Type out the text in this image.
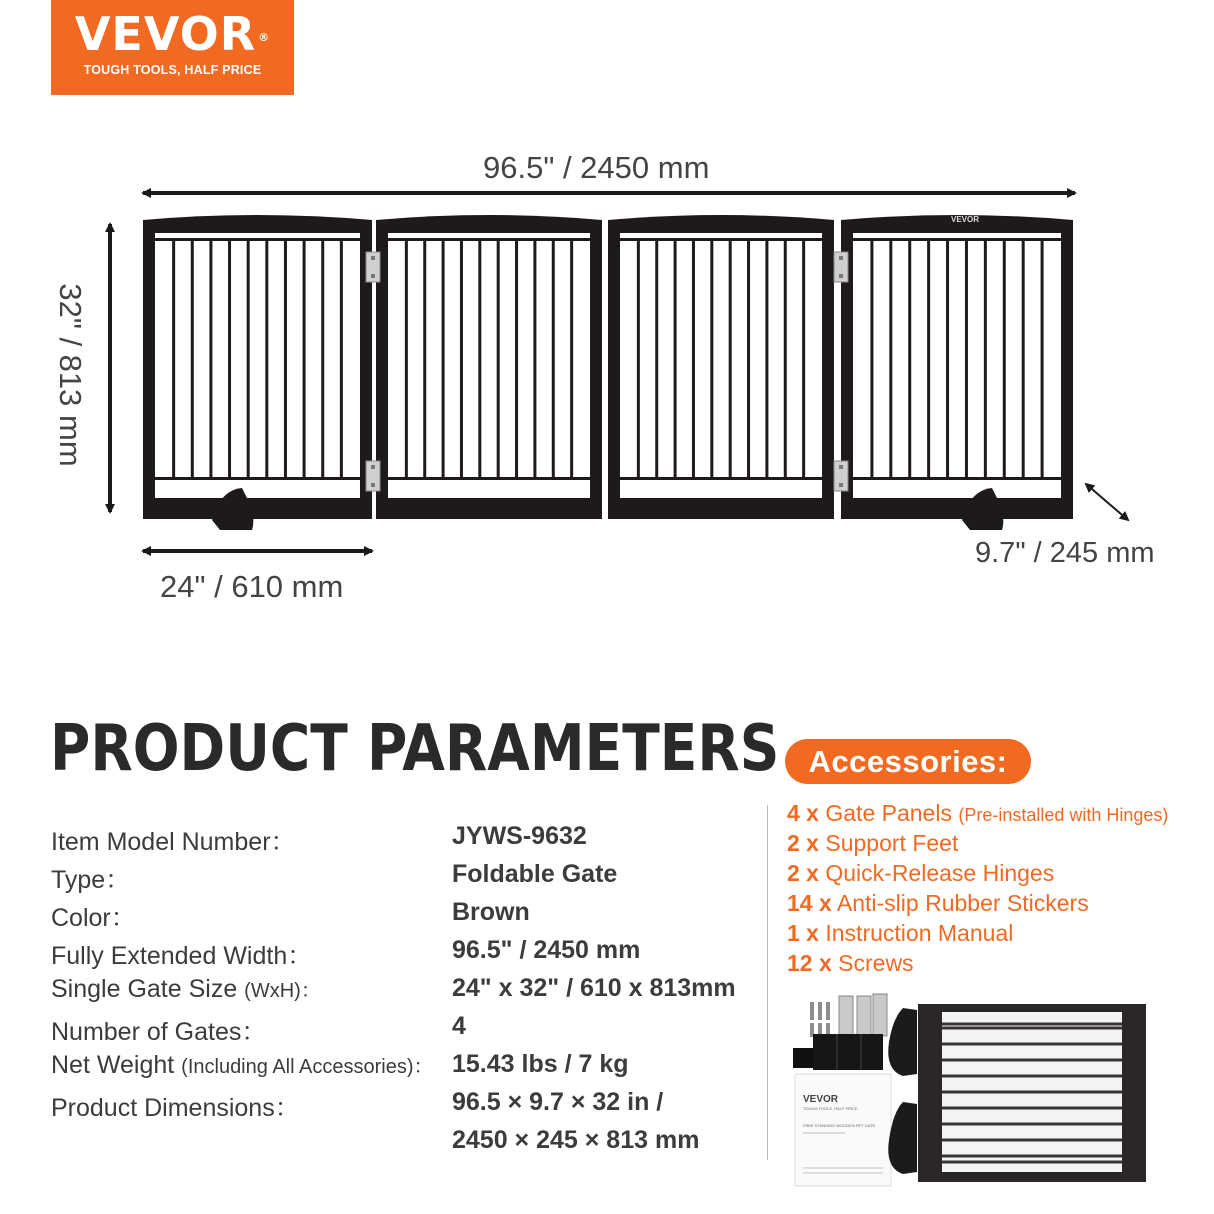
VEVOR ®
TOUGH TOOLS, HALF PRICE
VEVOR
96.5" / 2450 mm
32" / 813 mm
24" / 610 mm
9.7" / 245 mm
PRODUCT PARAMETERS
Item Model Number：	JYWS-9632
Type：	Foldable Gate
Color：	Brown
Fully Extended Width：	96.5" / 2450 mm
Single Gate Size (WxH)：	24" x 32" / 610 x 813mm
Number of Gates：	4
Net Weight (Including All Accessories)： 15.43 lbs / 7 kg
Product Dimensions：	96.5 × 9.7 × 32 in /
2450 × 245 × 813 mm
Accessories:
4 x Gate Panels (Pre-installed with Hinges)
2 x Support Feet
2 x Quick-Release Hinges
14 x Anti-slip Rubber Stickers
1 x Instruction Manual
12 x Screws
VEVOR
TOUGH TOOLS, HALF PRICE
FREE STANDING WOODEN PET GATE
